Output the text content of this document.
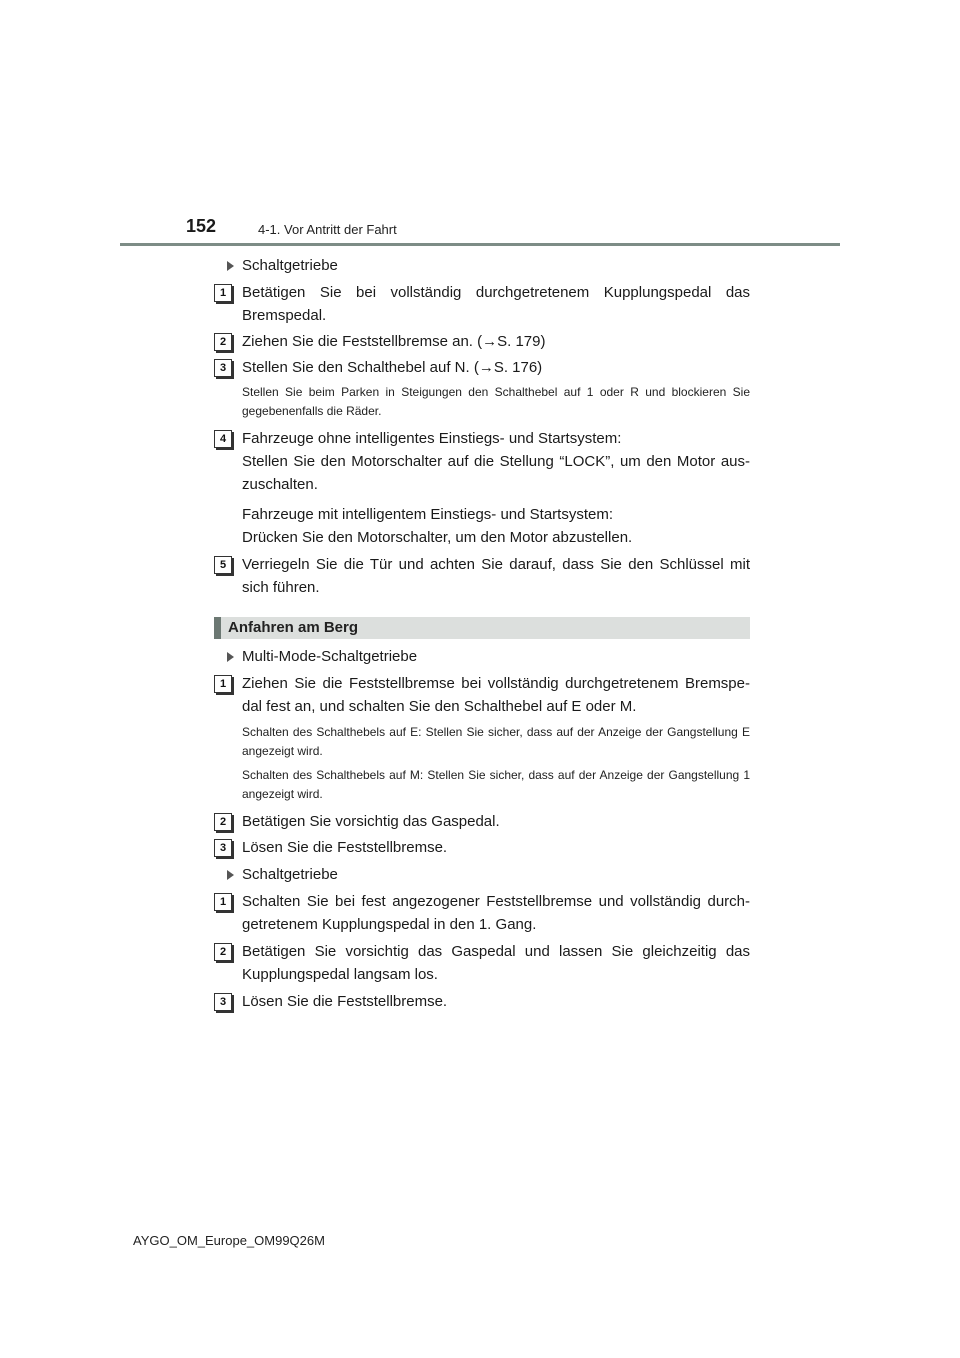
152	4-1. Vor Antritt der Fahrt
Schaltgetriebe
1	Betätigen Sie bei vollständig durchgetretenem Kupplungspedal das Bremspedal.
2	Ziehen Sie die Feststellbremse an. (→S. 179)
3	Stellen Sie den Schalthebel auf N. (→S. 176)
Stellen Sie beim Parken in Steigungen den Schalthebel auf 1 oder R und blockieren Sie gegebenenfalls die Räder.
4	Fahrzeuge ohne intelligentes Einstiegs- und Startsystem:
Stellen Sie den Motorschalter auf die Stellung “LOCK”, um den Motor aus-zuschalten.
Fahrzeuge mit intelligentem Einstiegs- und Startsystem:
Drücken Sie den Motorschalter, um den Motor abzustellen.
5	Verriegeln Sie die Tür und achten Sie darauf, dass Sie den Schlüssel mit sich führen.
Anfahren am Berg
Multi-Mode-Schaltgetriebe
1	Ziehen Sie die Feststellbremse bei vollständig durchgetretenem Bremspe-dal fest an, und schalten Sie den Schalthebel auf E oder M.
Schalten des Schalthebels auf E: Stellen Sie sicher, dass auf der Anzeige der Gangstellung E angezeigt wird.
Schalten des Schalthebels auf M: Stellen Sie sicher, dass auf der Anzeige der Gangstellung 1 angezeigt wird.
2	Betätigen Sie vorsichtig das Gaspedal.
3	Lösen Sie die Feststellbremse.
Schaltgetriebe
1	Schalten Sie bei fest angezogener Feststellbremse und vollständig durch-getretenem Kupplungspedal in den 1. Gang.
2	Betätigen Sie vorsichtig das Gaspedal und lassen Sie gleichzeitig das Kupplungspedal langsam los.
3	Lösen Sie die Feststellbremse.
AYGO_OM_Europe_OM99Q26M
